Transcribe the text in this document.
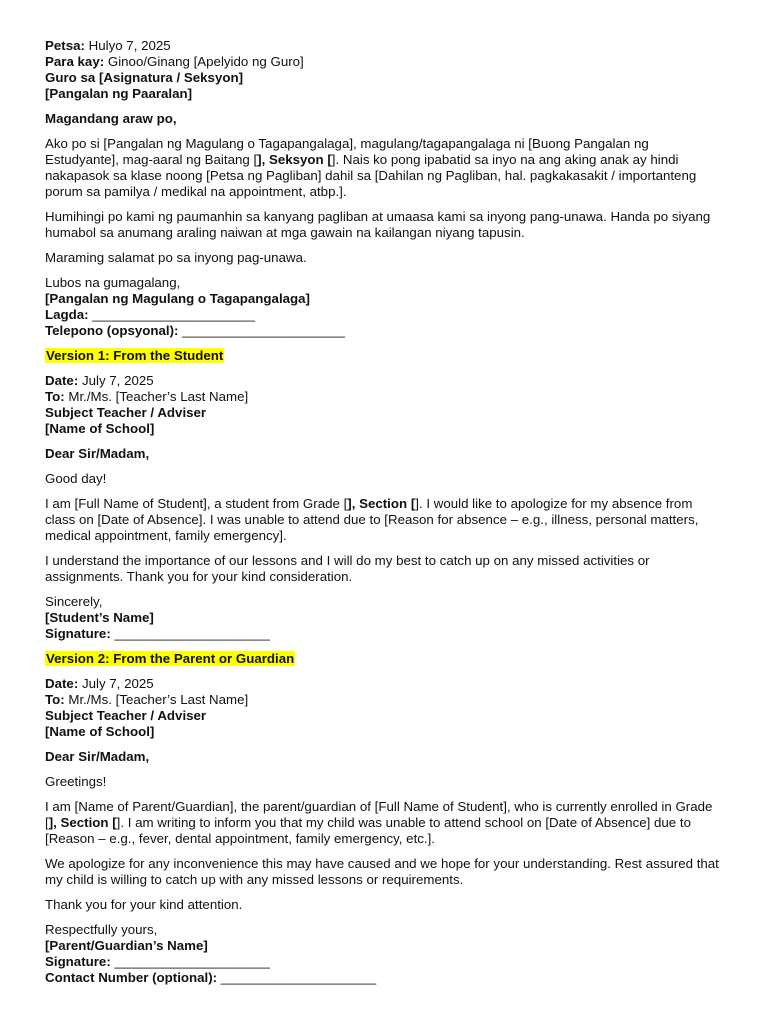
Petsa: Hulyo 7, 2025
Para kay: Ginoo/Ginang [Apelyido ng Guro]
Guro sa [Asignatura / Seksyon]
[Pangalan ng Paaralan]
Magandang araw po,
Ako po si [Pangalan ng Magulang o Tagapangalaga], magulang/tagapangalaga ni [Buong Pangalan ng Estudyante], mag-aaral ng Baitang [], Seksyon []. Nais ko pong ipabatid sa inyo na ang aking anak ay hindi nakapasok sa klase noong [Petsa ng Pagliban] dahil sa [Dahilan ng Pagliban, hal. pagkakasakit / importanteng porum sa pamilya / medikal na appointment, atbp.].
Humihingi po kami ng paumanhin sa kanyang pagliban at umaasa kami sa inyong pang-unawa. Handa po siyang humabol sa anumang araling naiwan at mga gawain na kailangan niyang tapusin.
Maraming salamat po sa inyong pag-unawa.
Lubos na gumagalang,
[Pangalan ng Magulang o Tagapangalaga]
Lagda: ______________________
Telepono (opsyonal): ______________________
Version 1: From the Student
Date: July 7, 2025
To: Mr./Ms. [Teacher’s Last Name]
Subject Teacher / Adviser
[Name of School]
Dear Sir/Madam,
Good day!
I am [Full Name of Student], a student from Grade [], Section []. I would like to apologize for my absence from class on [Date of Absence]. I was unable to attend due to [Reason for absence – e.g., illness, personal matters, medical appointment, family emergency].
I understand the importance of our lessons and I will do my best to catch up on any missed activities or assignments. Thank you for your kind consideration.
Sincerely,
[Student’s Name]
Signature: _____________________
Version 2: From the Parent or Guardian
Date: July 7, 2025
To: Mr./Ms. [Teacher’s Last Name]
Subject Teacher / Adviser
[Name of School]
Dear Sir/Madam,
Greetings!
I am [Name of Parent/Guardian], the parent/guardian of [Full Name of Student], who is currently enrolled in Grade [], Section []. I am writing to inform you that my child was unable to attend school on [Date of Absence] due to [Reason – e.g., fever, dental appointment, family emergency, etc.].
We apologize for any inconvenience this may have caused and we hope for your understanding. Rest assured that my child is willing to catch up with any missed lessons or requirements.
Thank you for your kind attention.
Respectfully yours,
[Parent/Guardian’s Name]
Signature: _____________________
Contact Number (optional): _____________________
